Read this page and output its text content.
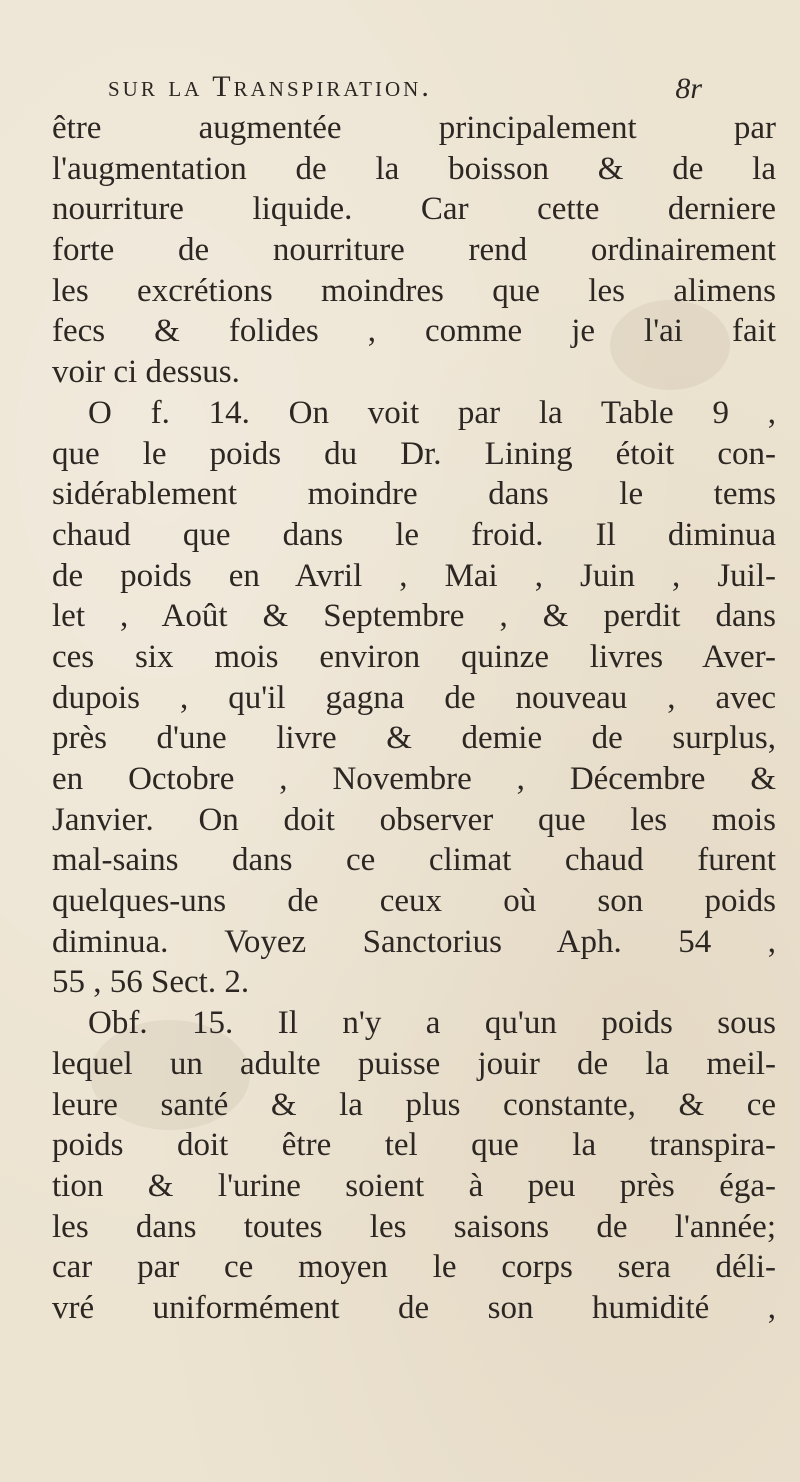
sur la Transpiration.	8r
être augmentée principalement par
l'augmentation de la boisson & de la
nourriture liquide. Car cette derniere
forte de nourriture rend ordinairement
les excrétions moindres que les alimens
fecs & folides , comme je l'ai fait
voir ci dessus.
O f. 14. On voit par la Table 9 ,
que le poids du Dr. Lining étoit con-
sidérablement moindre dans le tems
chaud que dans le froid. Il diminua
de poids en Avril , Mai , Juin , Juil-
let , Août & Septembre , & perdit dans
ces six mois environ quinze livres Aver-
dupois , qu'il gagna de nouveau , avec
près d'une livre & demie de surplus,
en Octobre , Novembre , Décembre &
Janvier. On doit observer que les mois
mal-sains dans ce climat chaud furent
quelques-uns de ceux où son poids
diminua. Voyez Sanctorius Aph. 54 ,
55 , 56 Sect. 2.
Obf. 15. Il n'y a qu'un poids sous
lequel un adulte puisse jouir de la meil-
leure santé & la plus constante, & ce
poids doit être tel que la transpira-
tion & l'urine soient à peu près éga-
les dans toutes les saisons de l'année;
car par ce moyen le corps sera déli-
vré uniformément de son humidité ,
